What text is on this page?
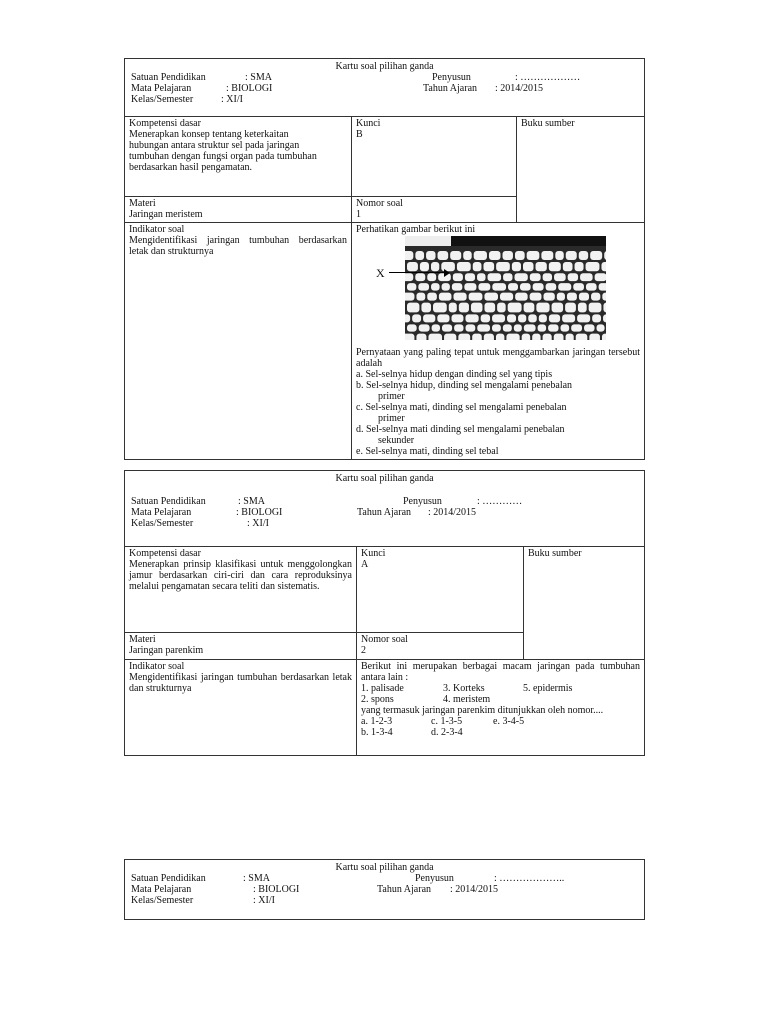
Kartu soal pilihan ganda
Satuan Pendidikan	: SMA	Penyusun	: ………………
Mata Pelajaran	: BIOLOGI	Tahun Ajaran : 2014/2015
Kelas/Semester	: XI/I
Kompetensi dasar
Menerapkan konsep tentang keterkaitan hubungan antara struktur sel pada jaringan tumbuhan dengan fungsi organ pada tumbuhan berdasarkan hasil pengamatan.
Kunci
B
Buku sumber
Materi
Jaringan meristem
Nomor soal
1
Indikator soal
Mengidentifikasi jaringan tumbuhan berdasarkan letak dan strukturnya
Perhatikan gambar berikut ini
Pernyataan yang paling tepat untuk menggambarkan jaringan tersebut adalah
a. Sel-selnya hidup dengan dinding sel yang tipis
b. Sel-selnya hidup, dinding sel mengalami penebalan
primer
c. Sel-selnya mati, dinding sel mengalami penebalan
primer
d. Sel-selnya mati dinding sel mengalami penebalan
sekunder
e. Sel-selnya mati, dinding sel tebal
X
Kartu soal pilihan ganda
Satuan Pendidikan	: SMA	Penyusun	: …………
Mata Pelajaran	: BIOLOGI	Tahun Ajaran : 2014/2015
Kelas/Semester	: XI/I
Kompetensi dasar
Menerapkan prinsip klasifikasi untuk menggolongkan jamur berdasarkan ciri-ciri dan cara reproduksinya melalui pengamatan secara teliti dan sistematis.
Kunci
A
Buku sumber
Materi
Jaringan parenkim
Nomor soal
2
Indikator soal
Mengidentifikasi jaringan tumbuhan berdasarkan letak dan strukturnya
Berikut ini merupakan berbagai macam jaringan pada tumbuhan antara lain :
1. palisade	3. Korteks	5. epidermis
2. spons	4. meristem
yang termasuk jaringan parenkim ditunjukkan oleh nomor....
a. 1-2-3	c. 1-3-5	e. 3-4-5
b. 1-3-4	d. 2-3-4
Kartu soal pilihan ganda
Satuan Pendidikan	: SMA	Penyusun	: ………………..
Mata Pelajaran	: BIOLOGI	Tahun Ajaran : 2014/2015
Kelas/Semester	: XI/I
